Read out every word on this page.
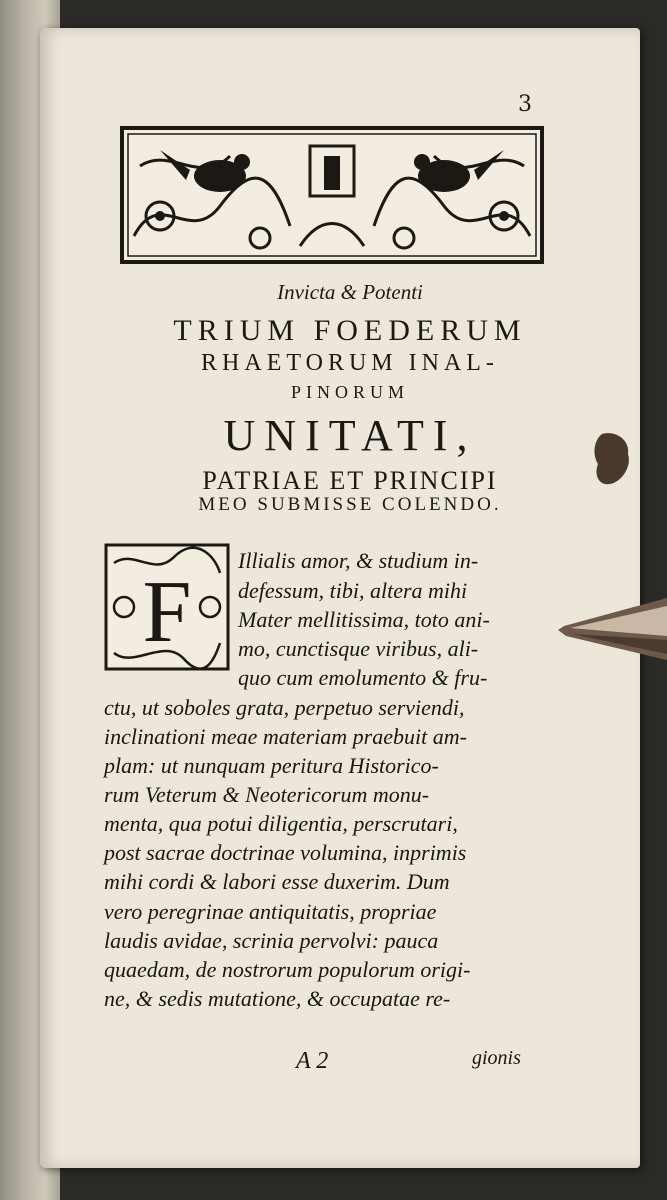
3

Invicta & Potenti

TRIUM FOEDERUM

RHAETORUM INAL-

PINORUM

UNITATI,

PATRIAE ET PRINCIPI

MEO SUBMISSE COLENDO.

F

Illialis amor, & studium in-

defessum, tibi, altera mihi

Mater mellitissima, toto ani-

mo, cunctisque viribus, ali-

quo cum emolumento & fru-

ctu, ut soboles grata, perpetuo serviendi,

inclinationi meae materiam praebuit am-

plam: ut nunquam peritura Historico-

rum Veterum & Neotericorum monu-

menta, qua potui diligentia, perscrutari,

post sacrae doctrinae volumina, inprimis

mihi cordi & labori esse duxerim. Dum

vero peregrinae antiquitatis, propriae

laudis avidae, scrinia pervolvi: pauca

quaedam, de nostrorum populorum origi-

ne, & sedis mutatione, & occupatae re-

A 2	gionis
